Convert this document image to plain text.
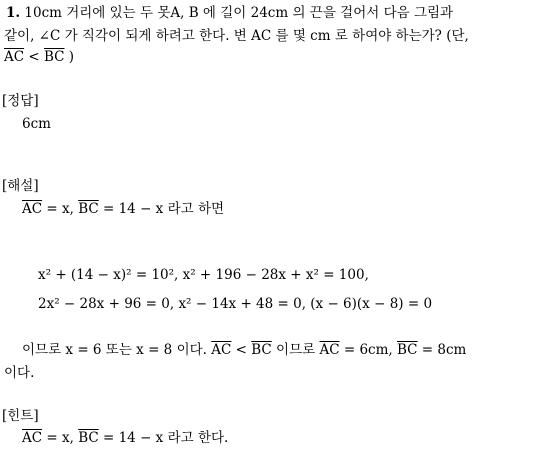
1. 10cm 거리에 있는 두 못A, B 에 길이 24cm 의 끈을 걸어서 다음 그림과
같이, ∠C 가 직각이 되게 하려고 한다. 변 AC 를 몇 cm 로 하여야 하는가? (단,
$\overline{AC} < \overline{BC}$ )
[정답]
6cm
[해설]
$\overline{AC} = x$, $\overline{BC} = 14 - x$ 라고 하면
x² + (14 − x)² = 10², x² + 196 − 28x + x² = 100,
2x² − 28x + 96 = 0, x² − 14x + 48 = 0, (x − 6)(x − 8) = 0
이므로 x = 6 또는 x = 8 이다. $\overline{AC} < \overline{BC}$ 이므로 $\overline{AC} = 6cm$, $\overline{BC} = 8cm$
이다.
[힌트]
$\overline{AC} = x$, $\overline{BC} = 14 - x$ 라고 한다.
